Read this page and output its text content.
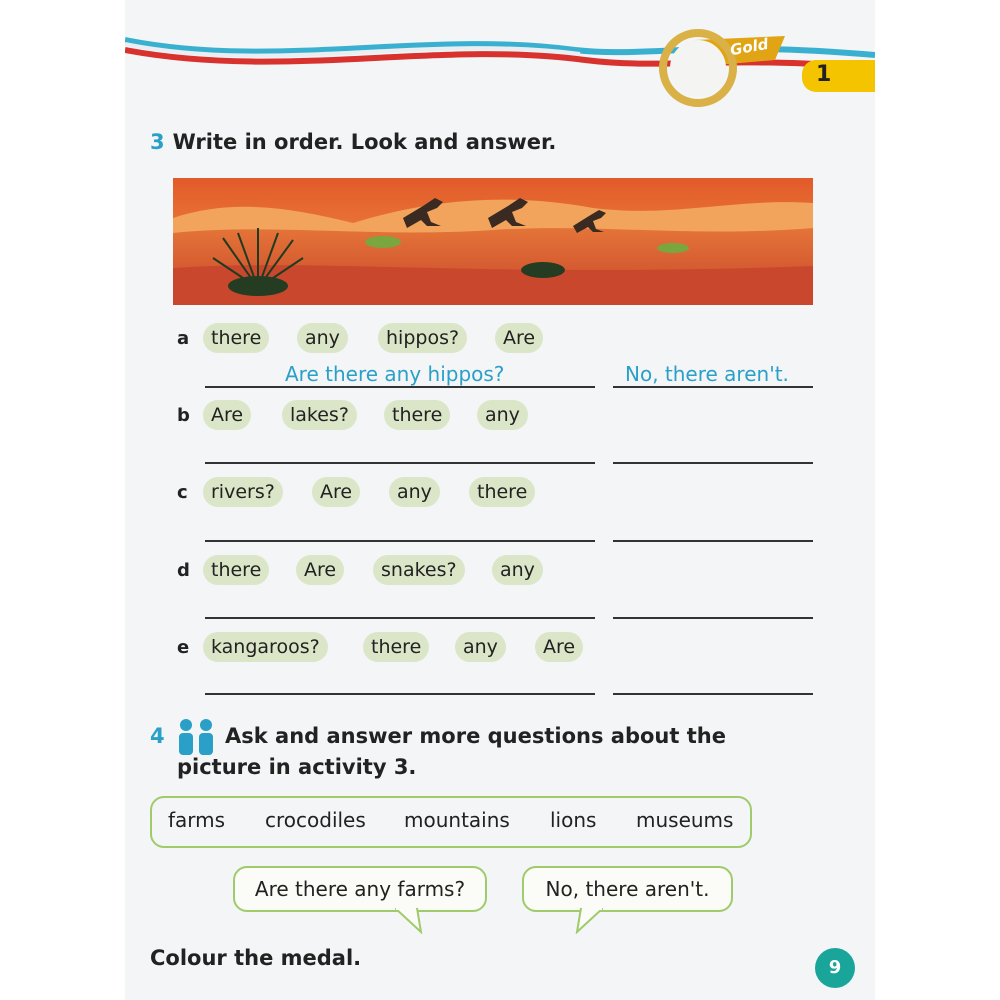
Gold
1
3 Write in order. Look and answer.
a	there	any	hippos?	Are
Are there any hippos?	No, there aren't.
b	Are	lakes?	there	any
c	rivers?	Are	any	there
d	there	Are	snakes?	any
e	kangaroos?	there	any	Are
4	Ask and answer more questions about the
picture in activity 3.
farms crocodiles mountains lions museums
Are there any farms?	No, there aren't.
Colour the medal.	9
